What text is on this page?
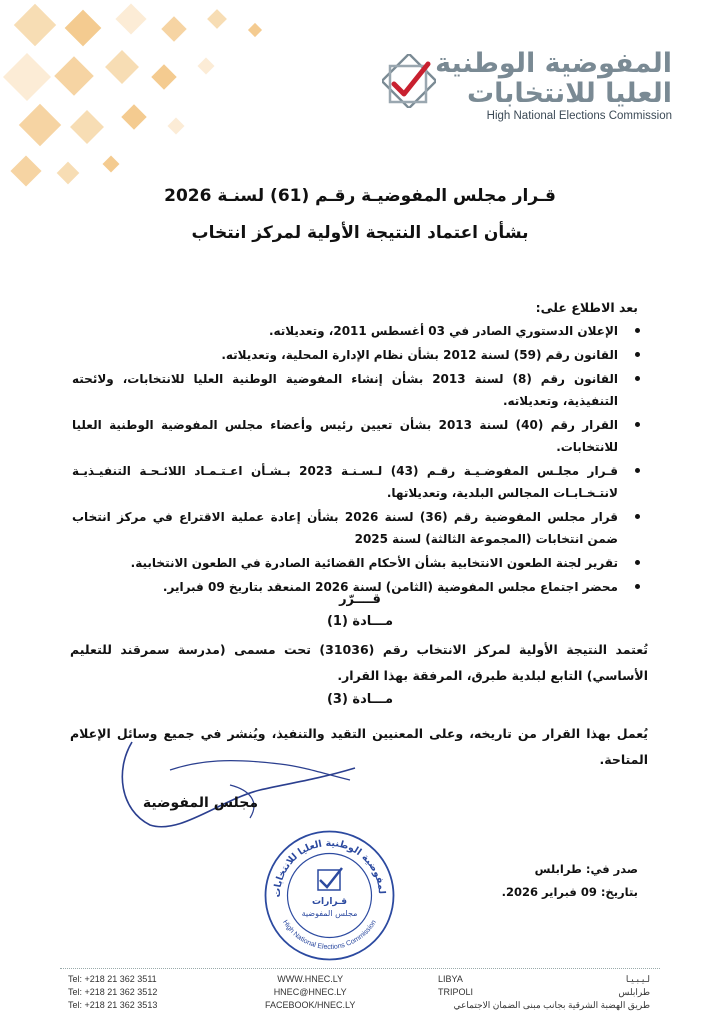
المفوضية الوطنية
العليا للانتخابات
High National Elections Commission
قـرار مجلس المفوضيـة رقـم (61) لسنـة 2026
بشأن اعتماد النتيجة الأولية لمركز انتخاب
بعد الاطلاع على:
الإعلان الدستوري الصادر في 03 أغسطس 2011، وتعديلاته.
القانون رقم (59) لسنة 2012 بشأن نظام الإدارة المحلية، وتعديلاته.
القانون رقم (8) لسنة 2013 بشأن إنشاء المفوضية الوطنية العليا للانتخابات، ولائحته التنفيذية، وتعديلاته.
القرار رقم (40) لسنة 2013 بشأن تعيين رئيس وأعضاء مجلس المفوضية الوطنية العليا للانتخابات.
قـرار مجلـس المفوضـيـة رقـم (43) لـسـنـة 2023 بـشـأن اعـتـمـاد اللائـحـة التنفيـذيـة لانتـخـابـات المجالس البلدية، وتعديلاتها.
قرار مجلس المفوضية رقم (36) لسنة 2026 بشأن إعادة عملية الاقتراع في مركز انتخاب ضمن انتخابات (المجموعة الثالثة) لسنة 2025
تقرير لجنة الطعون الانتخابية بشأن الأحكام القضائية الصادرة في الطعون الانتخابية.
محضر اجتماع مجلس المفوضية (الثامن) لسنة 2026 المنعقد بتاريخ 09 فبراير.
قــــرّر
مـــادة (1)
تُعتمد النتيجة الأولية لمركز الانتخاب رقم (31036) تحت مسمى (مدرسة سمرقند للتعليم الأساسي) التابع لبلدية طبرق، المرفقة بهذا القرار.
مـــادة (3)
يُعمل بهذا القرار من تاريخه، وعلى المعنيين التقيد والتنفيذ، ويُنشر في جميع وسائل الإعلام المتاحة.
مجلس المفوضية
لمفوضية الوطنية العليا للانتخابات
High National Elections Commission
قـرارات
مجلس المفوضية
صدر في: طرابلس
بتاريخ: 09 فبراير 2026.
Tel: +218 21 362 3511
Tel: +218 21 362 3512
Tel: +218 21 362 3513
WWW.HNEC.LY
HNEC@HNEC.LY
FACEBOOK/HNEC.LY
LIBYA
TRIPOLI
لـيـبـيـا
طرابلس
طريق الهضبة الشرقية بجانب مبنى الضمان الاجتماعي
